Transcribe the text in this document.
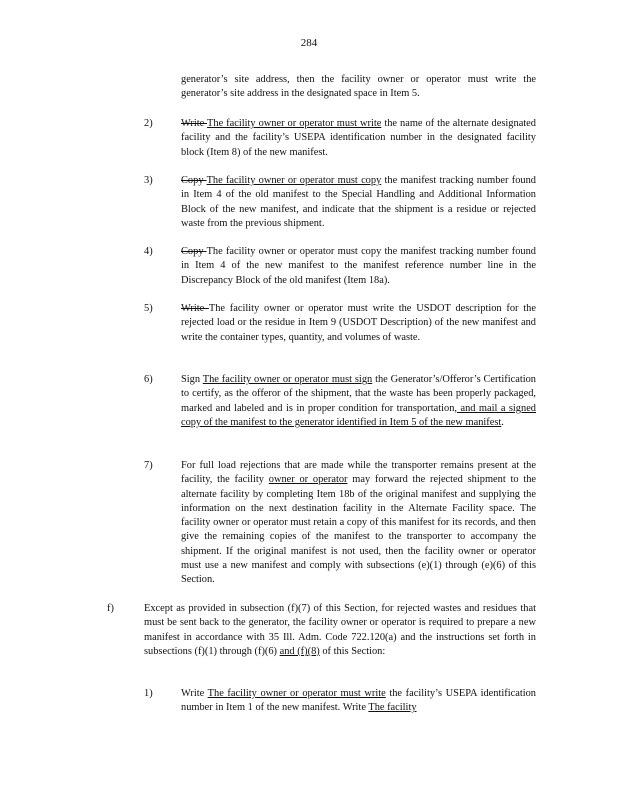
284
generator’s site address, then the facility owner or operator must write the generator’s site address in the designated space in Item 5.
2)	Write The facility owner or operator must write the name of the alternate designated facility and the facility’s USEPA identification number in the designated facility block (Item 8) of the new manifest.
3)	Copy The facility owner or operator must copy the manifest tracking number found in Item 4 of the old manifest to the Special Handling and Additional Information Block of the new manifest, and indicate that the shipment is a residue or rejected waste from the previous shipment.
4)	Copy The facility owner or operator must copy the manifest tracking number found in Item 4 of the new manifest to the manifest reference number line in the Discrepancy Block of the old manifest (Item 18a).
5)	Write The facility owner or operator must write the USDOT description for the rejected load or the residue in Item 9 (USDOT Description) of the new manifest and write the container types, quantity, and volumes of waste.
6)	Sign The facility owner or operator must sign the Generator’s/Offeror’s Certification to certify, as the offeror of the shipment, that the waste has been properly packaged, marked and labeled and is in proper condition for transportation, and mail a signed copy of the manifest to the generator identified in Item 5 of the new manifest.
7)	For full load rejections that are made while the transporter remains present at the facility, the facility owner or operator may forward the rejected shipment to the alternate facility by completing Item 18b of the original manifest and supplying the information on the next destination facility in the Alternate Facility space. The facility owner or operator must retain a copy of this manifest for its records, and then give the remaining copies of the manifest to the transporter to accompany the shipment. If the original manifest is not used, then the facility owner or operator must use a new manifest and comply with subsections (e)(1) through (e)(6) of this Section.
f)	Except as provided in subsection (f)(7) of this Section, for rejected wastes and residues that must be sent back to the generator, the facility owner or operator is required to prepare a new manifest in accordance with 35 Ill. Adm. Code 722.120(a) and the instructions set forth in subsections (f)(1) through (f)(6) and (f)(8) of this Section:
1)	Write The facility owner or operator must write the facility’s USEPA identification number in Item 1 of the new manifest. Write The facility
